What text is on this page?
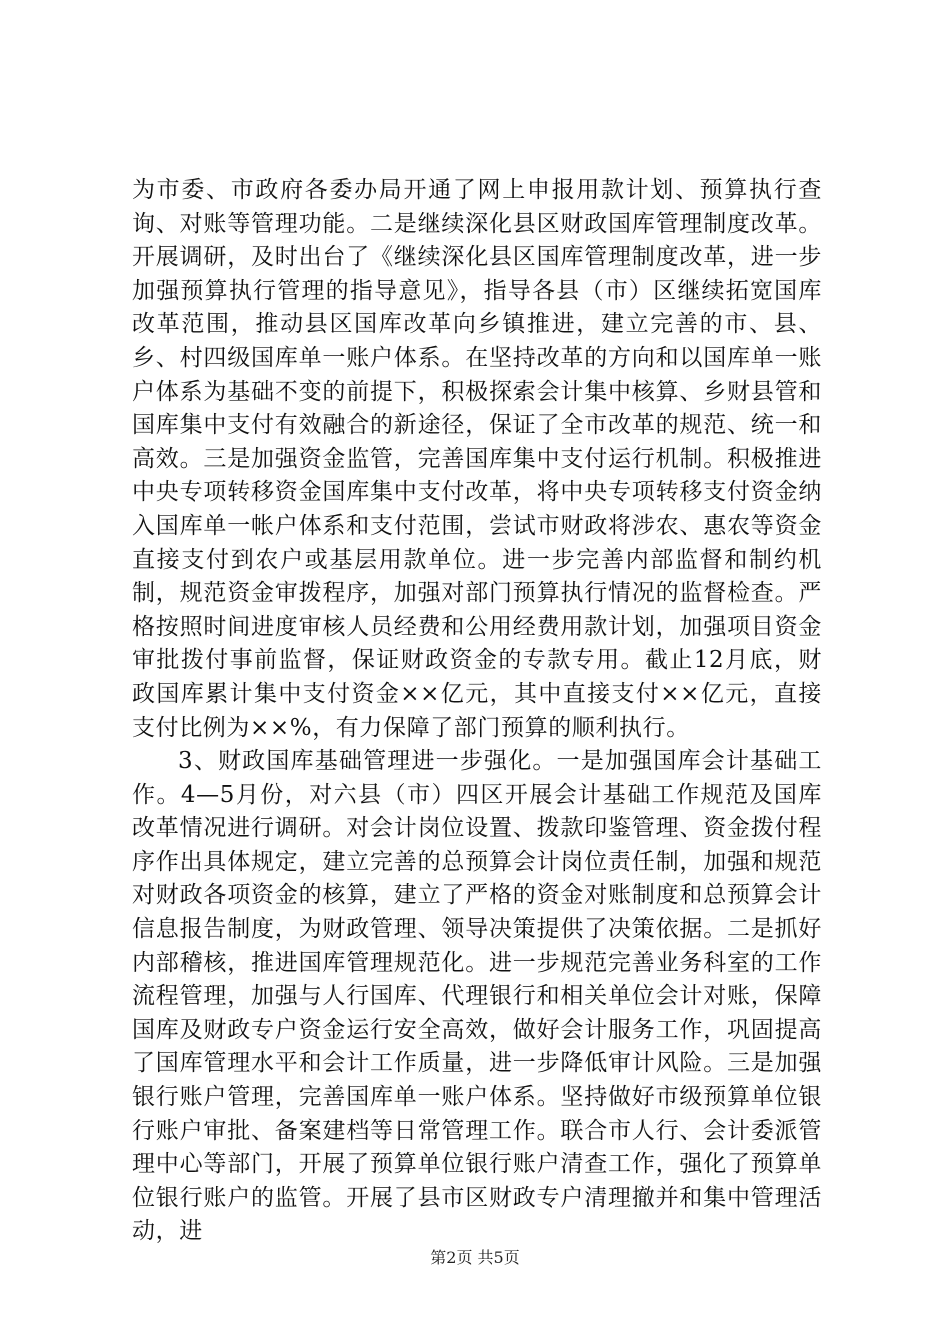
为市委、市政府各委办局开通了网上申报用款计划、预算执行查询、对账等管理功能。二是继续深化县区财政国库管理制度改革。开展调研，及时出台了《继续深化县区国库管理制度改革，进一步加强预算执行管理的指导意见》，指导各县（市）区继续拓宽国库改革范围，推动县区国库改革向乡镇推进，建立完善的市、县、乡、村四级国库单一账户体系。在坚持改革的方向和以国库单一账户体系为基础不变的前提下，积极探索会计集中核算、乡财县管和国库集中支付有效融合的新途径，保证了全市改革的规范、统一和高效。三是加强资金监管，完善国库集中支付运行机制。积极推进中央专项转移资金国库集中支付改革，将中央专项转移支付资金纳入国库单一帐户体系和支付范围，尝试市财政将涉农、惠农等资金直接支付到农户或基层用款单位。进一步完善内部监督和制约机制，规范资金审拨程序，加强对部门预算执行情况的监督检查。严格按照时间进度审核人员经费和公用经费用款计划，加强项目资金审批拨付事前监督，保证财政资金的专款专用。截止12月底，财政国库累计集中支付资金××亿元，其中直接支付××亿元，直接支付比例为××%，有力保障了部门预算的顺利执行。

3、财政国库基础管理进一步强化。一是加强国库会计基础工作。4—5月份，对六县（市）四区开展会计基础工作规范及国库改革情况进行调研。对会计岗位设置、拨款印鉴管理、资金拨付程序作出具体规定，建立完善的总预算会计岗位责任制，加强和规范对财政各项资金的核算，建立了严格的资金对账制度和总预算会计信息报告制度，为财政管理、领导决策提供了决策依据。二是抓好内部稽核，推进国库管理规范化。进一步规范完善业务科室的工作流程管理，加强与人行国库、代理银行和相关单位会计对账，保障国库及财政专户资金运行安全高效，做好会计服务工作，巩固提高了国库管理水平和会计工作质量，进一步降低审计风险。三是加强银行账户管理，完善国库单一账户体系。坚持做好市级预算单位银行账户审批、备案建档等日常管理工作。联合市人行、会计委派管理中心等部门，开展了预算单位银行账户清查工作，强化了预算单位银行账户的监管。开展了县市区财政专户清理撤并和集中管理活动，进

第2页 共5页
